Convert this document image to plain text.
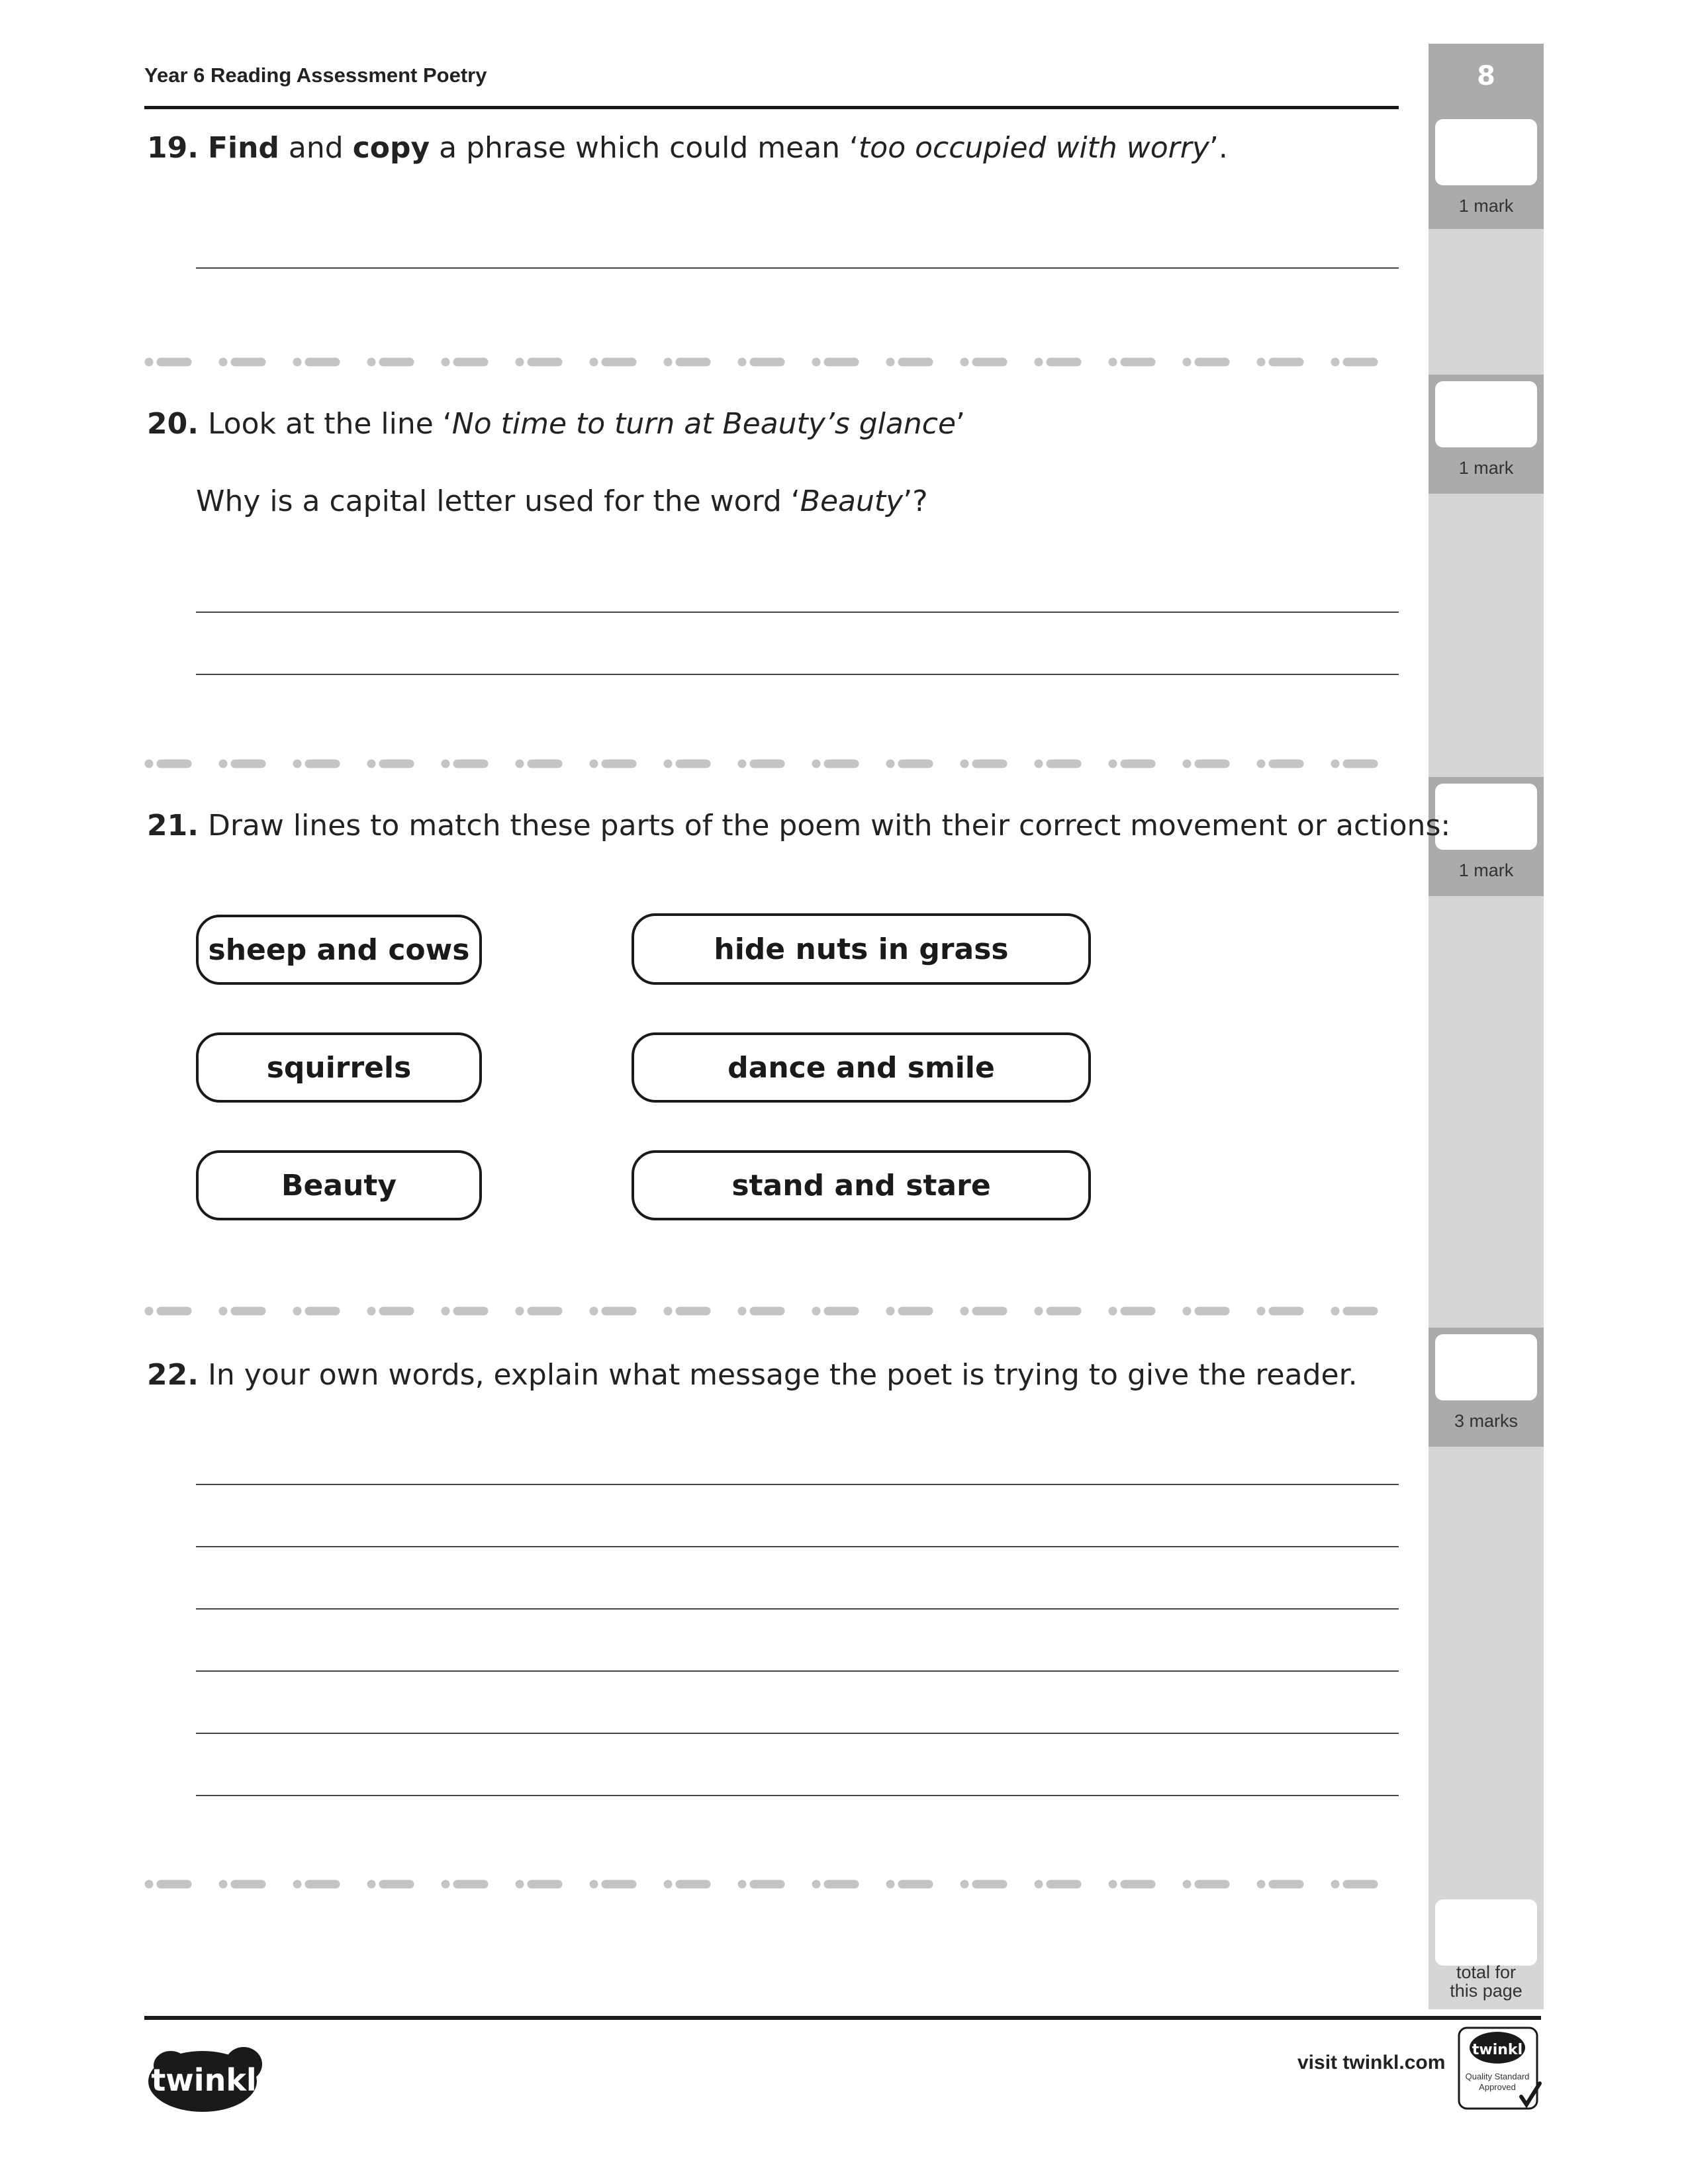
Year 6 Reading Assessment Poetry	8
1 mark
1 mark
1 mark
3 marks
total for
this page
19. Find and copy a phrase which could mean ‘too occupied with worry’.
20. Look at the line ‘No time to turn at Beauty’s glance’
Why is a capital letter used for the word ‘Beauty’?
21. Draw lines to match these parts of the poem with their correct movement or actions:
sheep and cows
squirrels
Beauty
hide nuts in grass
dance and smile
stand and stare
22. In your own words, explain what message the poet is trying to give the reader.
twinkl	visit twinkl.com
twinkl
Quality Standard
Approved
